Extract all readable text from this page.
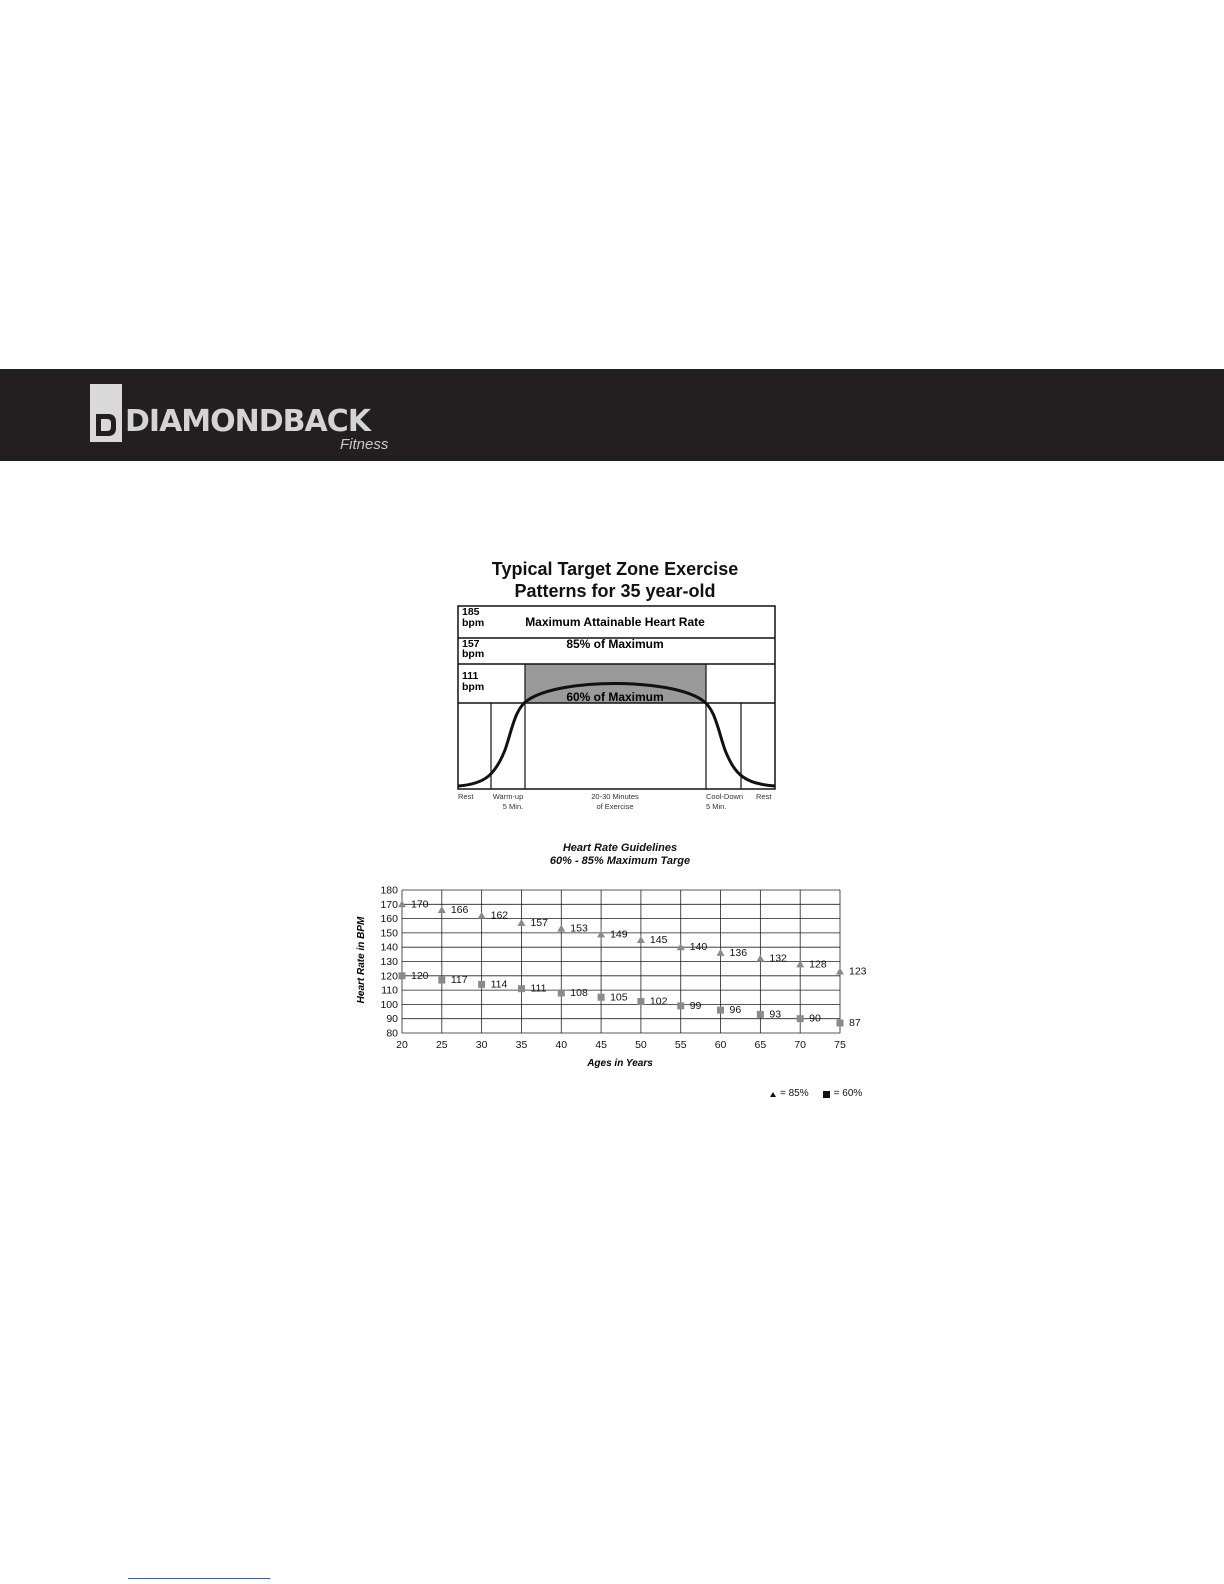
DIAMONDBACK
Fitness
Typical Target Zone Exercise
Patterns for 35 year-old
185
bpm	Maximum Attainable Heart Rate
157
bpm
85% of Maximum
111
bpm
60% of Maximum
Rest	Warm-up
5 Min.
20-30 Minutes
of Exercise
Cool-Down
5 Min.
Rest
Heart Rate Guidelines
60% - 85% Maximum Targe
80
90
100
110
120
130
140
150
160
170
180
20	25	30	35	40	45	50	55	60	65	70	75
170 166 162
157 153 149 145
140 136 132 128
123
120 117 114 111 108 105 102 99	96	93	90	87
Ages in Years
Heart Rate in BPM
= 85%	= 60%
